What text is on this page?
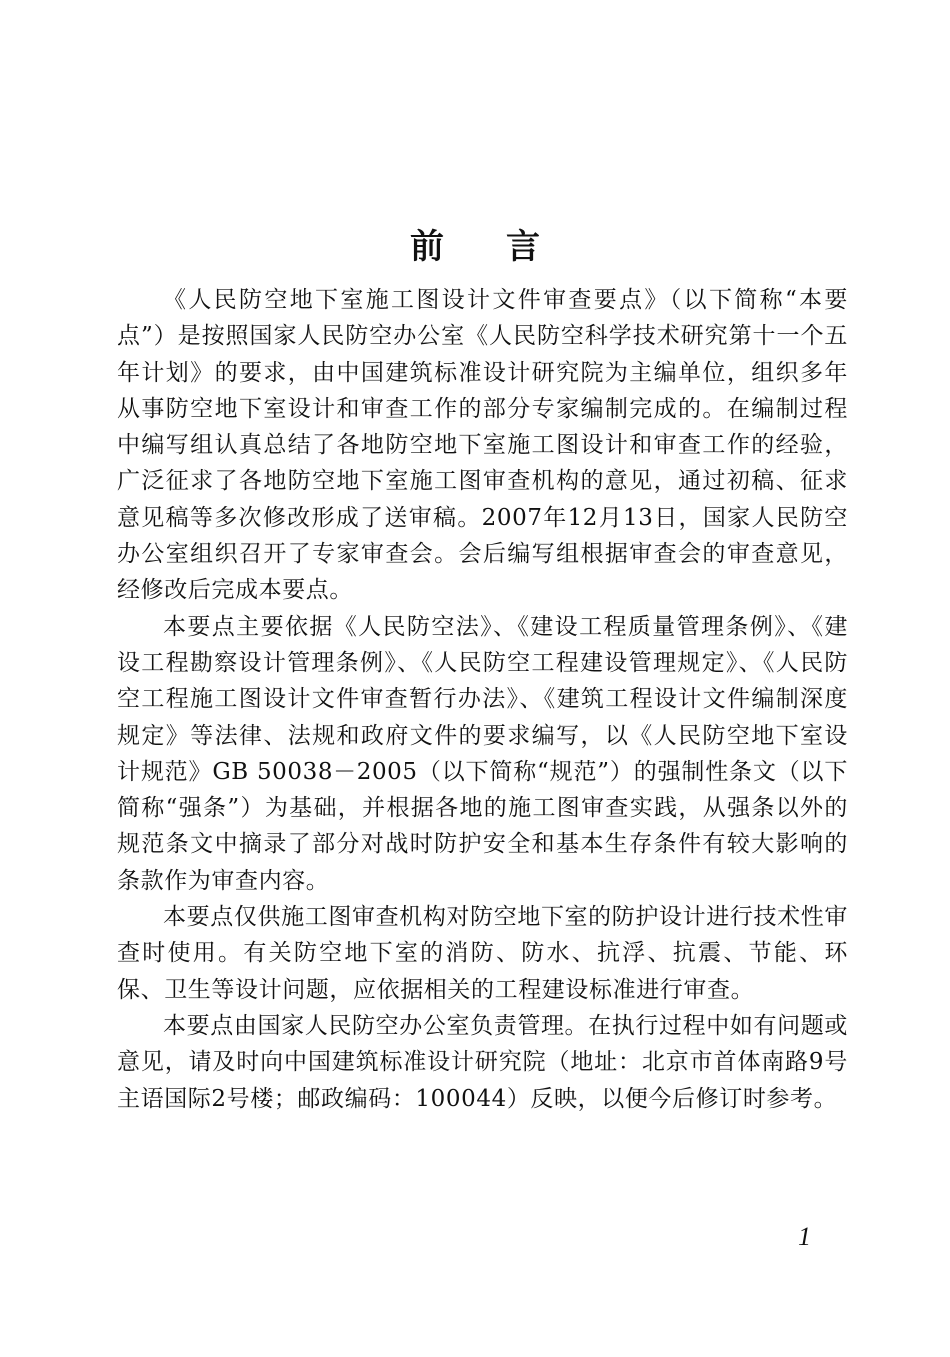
前言

《人民防空地下室施工图设计文件审查要点》（以下简称“本要点”）是按照国家人民防空办公室《人民防空科学技术研究第十一个五年计划》的要求，由中国建筑标准设计研究院为主编单位，组织多年从事防空地下室设计和审查工作的部分专家编制完成的。在编制过程中编写组认真总结了各地防空地下室施工图设计和审查工作的经验，广泛征求了各地防空地下室施工图审查机构的意见，通过初稿、征求意见稿等多次修改形成了送审稿。2007年12月13日，国家人民防空办公室组织召开了专家审查会。会后编写组根据审查会的审查意见，经修改后完成本要点。

本要点主要依据《人民防空法》、《建设工程质量管理条例》、《建设工程勘察设计管理条例》、《人民防空工程建设管理规定》、《人民防空工程施工图设计文件审查暂行办法》、《建筑工程设计文件编制深度规定》等法律、法规和政府文件的要求编写，以《人民防空地下室设计规范》GB 50038－2005（以下简称“规范”）的强制性条文（以下简称“强条”）为基础，并根据各地的施工图审查实践，从强条以外的规范条文中摘录了部分对战时防护安全和基本生存条件有较大影响的条款作为审查内容。

本要点仅供施工图审查机构对防空地下室的防护设计进行技术性审查时使用。有关防空地下室的消防、防水、抗浮、抗震、节能、环保、卫生等设计问题，应依据相关的工程建设标准进行审查。

本要点由国家人民防空办公室负责管理。在执行过程中如有问题或意见，请及时向中国建筑标准设计研究院（地址：北京市首体南路9号主语国际2号楼；邮政编码：100044）反映，以便今后修订时参考。

1
